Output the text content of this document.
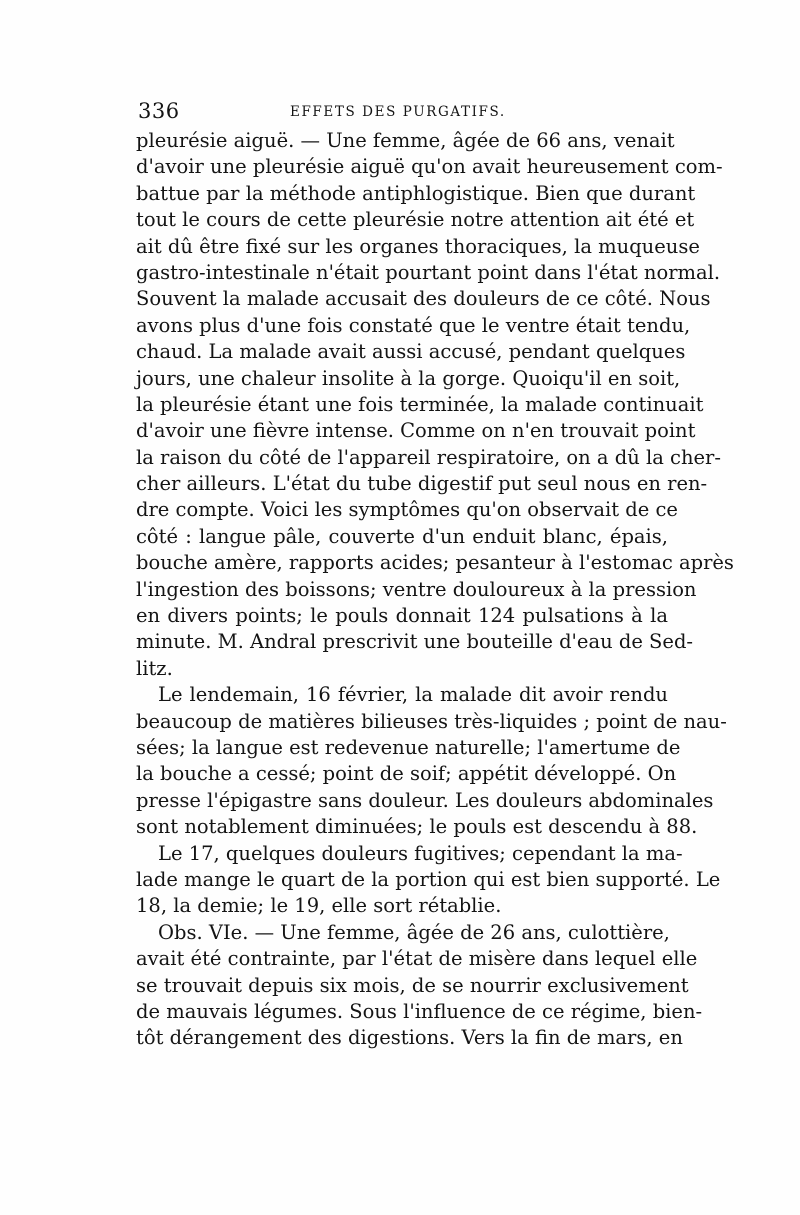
336	EFFETS DES PURGATIFS.
pleurésie aiguë. — Une femme, âgée de 66 ans, venait
d'avoir une pleurésie aiguë qu'on avait heureusement com-
battue par la méthode antiphlogistique. Bien que durant
tout le cours de cette pleurésie notre attention ait été et
ait dû être fixé sur les organes thoraciques, la muqueuse
gastro-intestinale n'était pourtant point dans l'état normal.
Souvent la malade accusait des douleurs de ce côté. Nous
avons plus d'une fois constaté que le ventre était tendu,
chaud. La malade avait aussi accusé, pendant quelques
jours, une chaleur insolite à la gorge. Quoiqu'il en soit,
la pleurésie étant une fois terminée, la malade continuait
d'avoir une fièvre intense. Comme on n'en trouvait point
la raison du côté de l'appareil respiratoire, on a dû la cher-
cher ailleurs. L'état du tube digestif put seul nous en ren-
dre compte. Voici les symptômes qu'on observait de ce
côté : langue pâle, couverte d'un enduit blanc, épais,
bouche amère, rapports acides; pesanteur à l'estomac après
l'ingestion des boissons; ventre douloureux à la pression
en divers points; le pouls donnait 124 pulsations à la
minute. M. Andral prescrivit une bouteille d'eau de Sed-
litz.
Le lendemain, 16 février, la malade dit avoir rendu
beaucoup de matières bilieuses très-liquides ; point de nau-
sées; la langue est redevenue naturelle; l'amertume de
la bouche a cessé; point de soif; appétit développé. On
presse l'épigastre sans douleur. Les douleurs abdominales
sont notablement diminuées; le pouls est descendu à 88.
Le 17, quelques douleurs fugitives; cependant la ma-
lade mange le quart de la portion qui est bien supporté. Le
18, la demie; le 19, elle sort rétablie.
Obs. VIe. — Une femme, âgée de 26 ans, culottière,
avait été contrainte, par l'état de misère dans lequel elle
se trouvait depuis six mois, de se nourrir exclusivement
de mauvais légumes. Sous l'influence de ce régime, bien-
tôt dérangement des digestions. Vers la fin de mars, en
